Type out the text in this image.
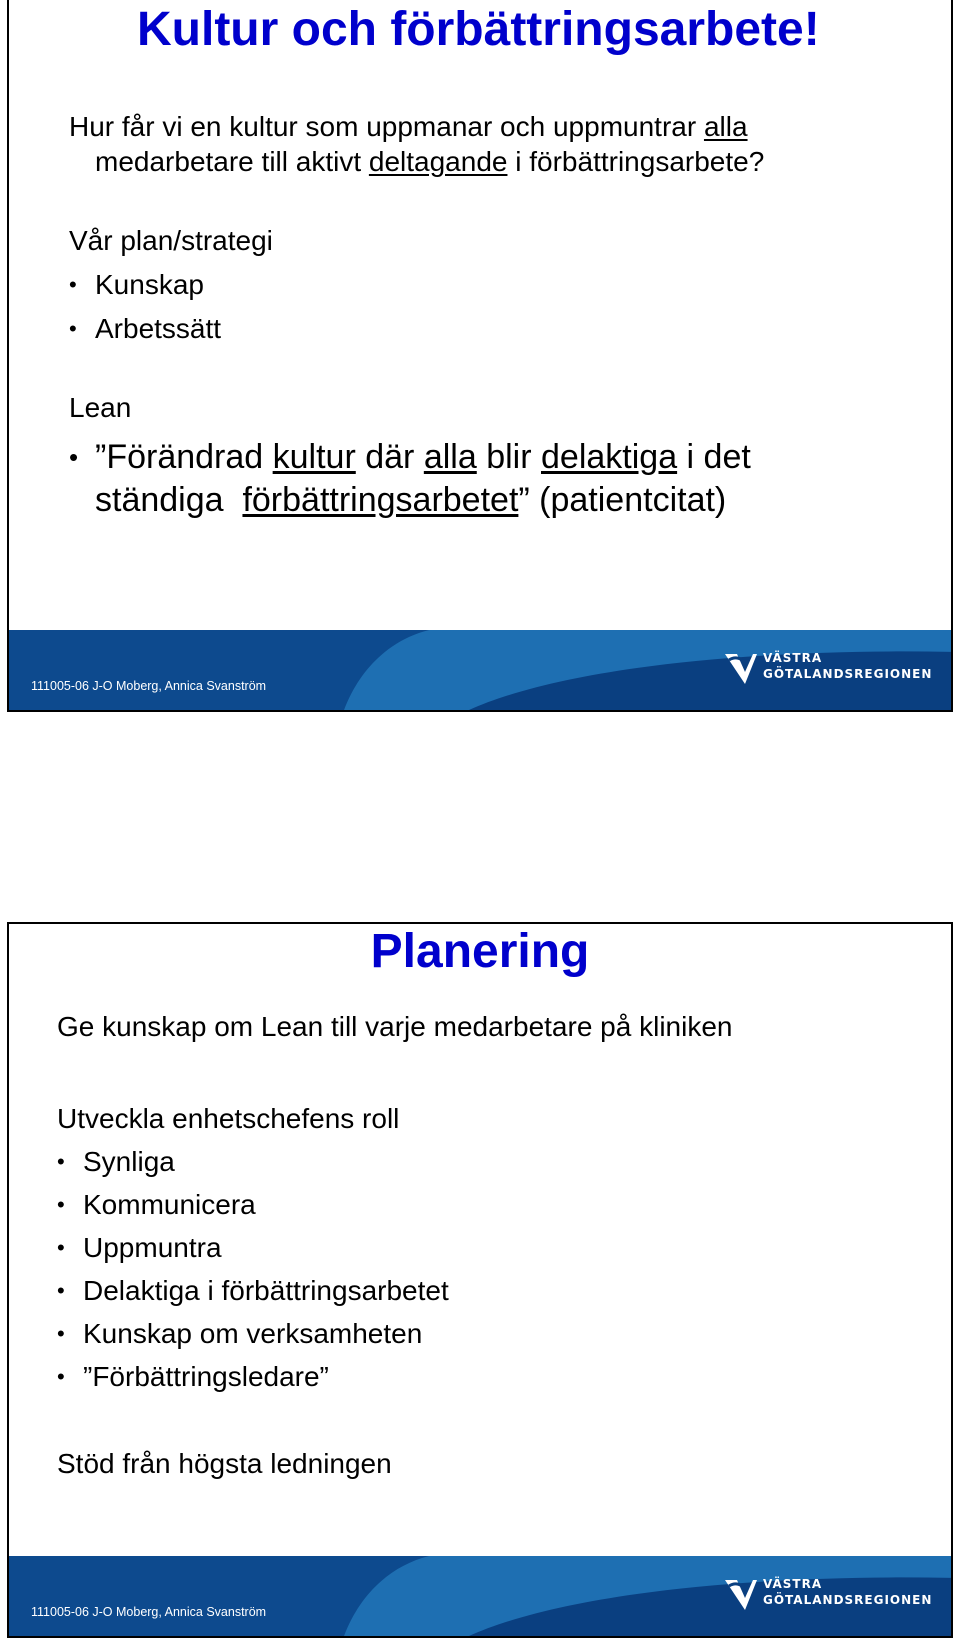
Kultur och förbättringsarbete!

Hur får vi en kultur som uppmanar och uppmuntrar alla

medarbetare till aktivt deltagande i förbättringsarbete?

Vår plan/strategi

• Kunskap

• Arbetssätt

Lean

• ”Förändrad kultur där alla blir delaktiga i det

ständiga  förbättringsarbetet” (patientcitat)

111005-06 J-O Moberg, Annica Svanström
VÄSTRA
GÖTALANDSREGIONEN
Planering

Ge kunskap om Lean till varje medarbetare på kliniken

Utveckla enhetschefens roll

• Synliga

• Kommunicera

• Uppmuntra

• Delaktiga i förbättringsarbetet

• Kunskap om verksamheten

• ”Förbättringsledare”

Stöd från högsta ledningen

111005-06 J-O Moberg, Annica Svanström
VÄSTRA
GÖTALANDSREGIONEN
